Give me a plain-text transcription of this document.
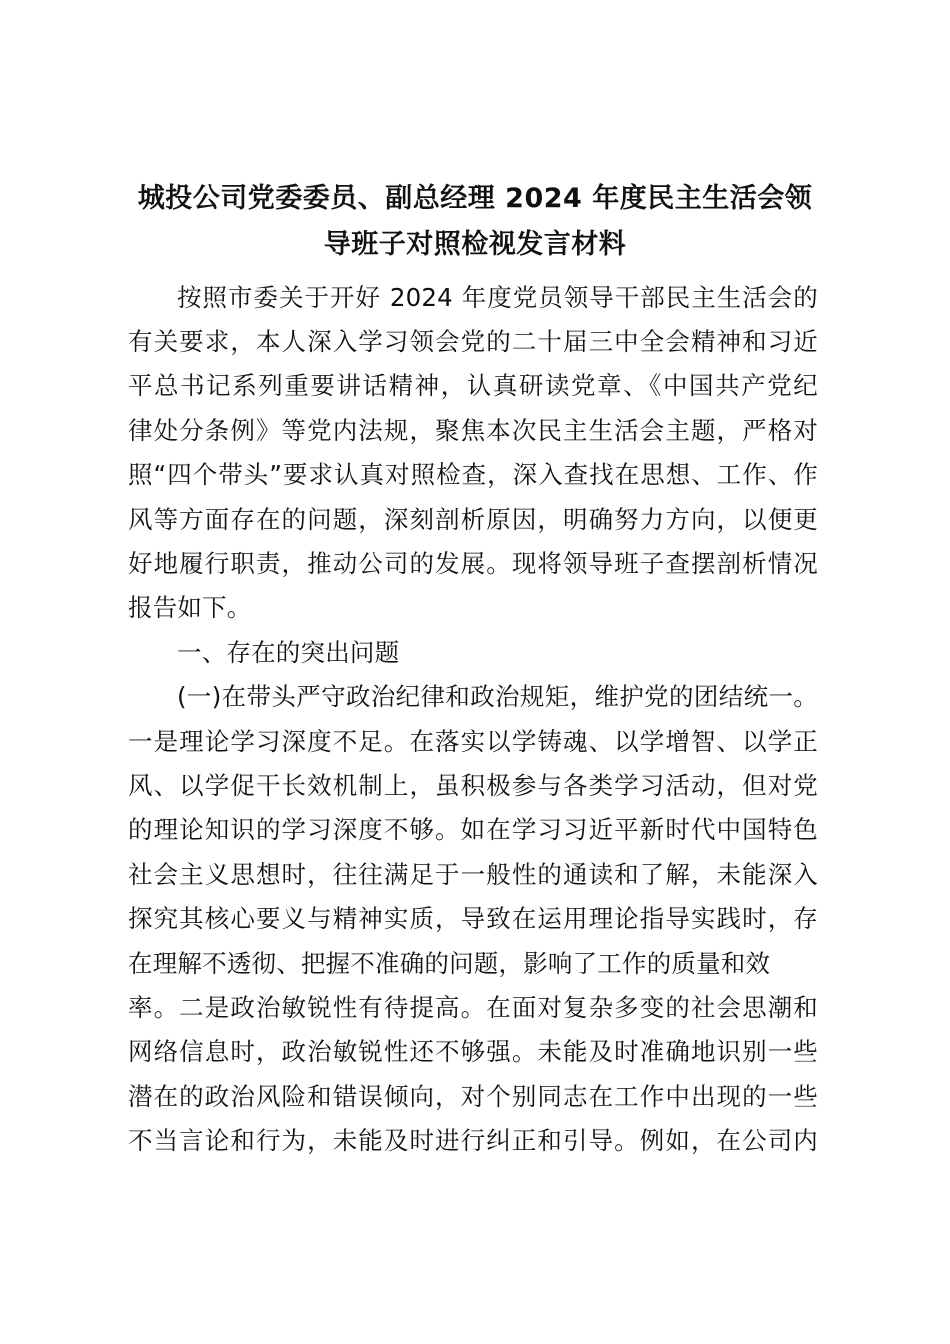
城投公司党委委员、副总经理 2024 年度民主生活会领
导班子对照检视发言材料
按照市委关于开好 2024 年度党员领导干部民主生活会的
有关要求，本人深入学习领会党的二十届三中全会精神和习近
平总书记系列重要讲话精神，认真研读党章、《中国共产党纪
律处分条例》等党内法规，聚焦本次民主生活会主题，严格对
照“四个带头”要求认真对照检查，深入查找在思想、工作、作
风等方面存在的问题，深刻剖析原因，明确努力方向，以便更
好地履行职责，推动公司的发展。现将领导班子查摆剖析情况
报告如下。
一、存在的突出问题
(一)在带头严守政治纪律和政治规矩，维护党的团结统一。
一是理论学习深度不足。在落实以学铸魂、以学增智、以学正
风、以学促干长效机制上，虽积极参与各类学习活动，但对党
的理论知识的学习深度不够。如在学习习近平新时代中国特色
社会主义思想时，往往满足于一般性的通读和了解，未能深入
探究其核心要义与精神实质，导致在运用理论指导实践时，存
在理解不透彻、把握不准确的问题，影响了工作的质量和效
率。二是政治敏锐性有待提高。在面对复杂多变的社会思潮和
网络信息时，政治敏锐性还不够强。未能及时准确地识别一些
潜在的政治风险和错误倾向，对个别同志在工作中出现的一些
不当言论和行为，未能及时进行纠正和引导。例如，在公司内
